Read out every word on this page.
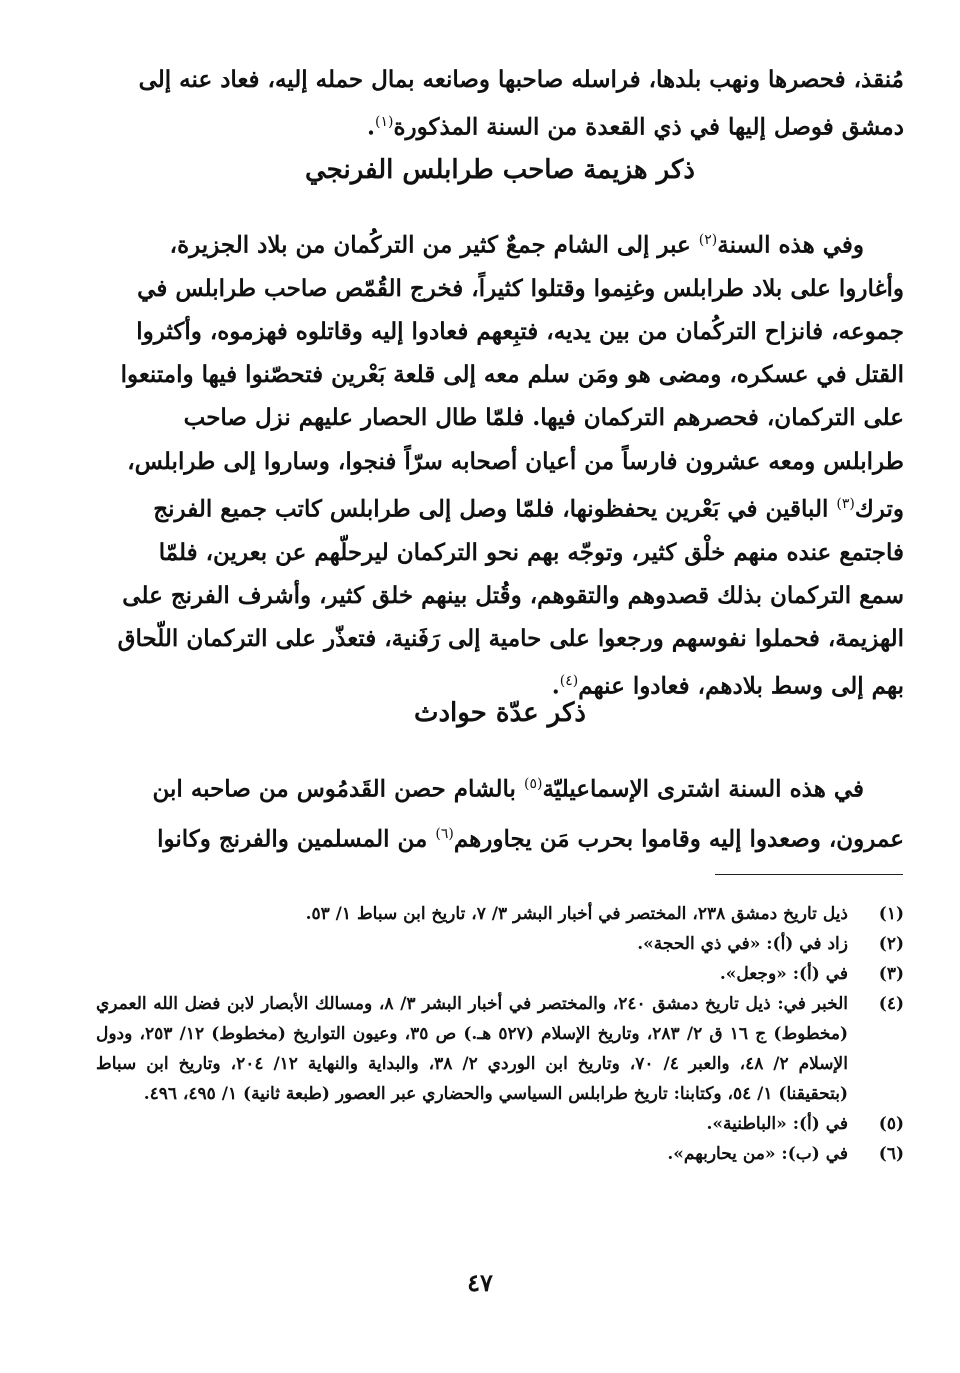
مُنقذ، فحصرها ونهب بلدها، فراسله صاحبها وصانعه بمال حمله إليه، فعاد عنه إلى
دمشق فوصل إليها في ذي القعدة من السنة المذكورة$^{(١)}$.

ذكر هزيمة صاحب طرابلس الفرنجي

وفي هذه السنة$^{(٢)}$ عبر إلى الشام جمعٌ كثير من التركُمان من بلاد الجزيرة،
وأغاروا على بلاد طرابلس وغنِموا وقتلوا كثيراً، فخرج القُمّص صاحب طرابلس في
جموعه، فانزاح التركُمان من بين يديه، فتبِعهم فعادوا إليه وقاتلوه فهزموه، وأكثروا
القتل في عسكره، ومضى هو ومَن سلم معه إلى قلعة بَعْرين فتحصّنوا فيها وامتنعوا
على التركمان، فحصرهم التركمان فيها. فلمّا طال الحصار عليهم نزل صاحب
طرابلس ومعه عشرون فارساً من أعيان أصحابه سرّاً فنجوا، وساروا إلى طرابلس،
وترك$^{(٣)}$ الباقين في بَعْرين يحفظونها، فلمّا وصل إلى طرابلس كاتب جميع الفرنج
فاجتمع عنده منهم خلْق كثير، وتوجّه بهم نحو التركمان ليرحلّهم عن بعرين، فلمّا
سمع التركمان بذلك قصدوهم والتقوهم، وقُتل بينهم خلق كثير، وأشرف الفرنج على
الهزيمة، فحملوا نفوسهم ورجعوا على حامية إلى رَفَنية، فتعذّر على التركمان اللّحاق
بهم إلى وسط بلادهم، فعادوا عنهم$^{(٤)}$.

ذكر عدّة حوادث

في هذه السنة اشترى الإسماعيليّة$^{(٥)}$ بالشام حصن القَدمُوس من صاحبه ابن
عمرون، وصعدوا إليه وقاموا بحرب مَن يجاورهم$^{(٦)}$ من المسلمين والفرنج وكانوا

(١)
ذيل تاريخ دمشق ٢٣٨، المختصر في أخبار البشر ٣/ ٧، تاريخ ابن سباط ١/ ٥٣.
(٢)
زاد في (أ): «في ذي الحجة».
(٣)
في (أ): «وجعل».
(٤)
الخبر في: ذيل تاريخ دمشق ٢٤٠، والمختصر في أخبار البشر ٣/ ٨، ومسالك الأبصار لابن فضل الله العمري (مخطوط) ج ١٦ ق ٢/ ٢٨٣، وتاريخ الإسلام (٥٢٧ هـ.) ص ٣٥، وعيون التواريخ (مخطوط) ١٢/ ٢٥٣، ودول الإسلام ٢/ ٤٨، والعبر ٤/ ٧٠، وتاريخ ابن الوردي ٢/ ٣٨، والبداية والنهاية ١٢/ ٢٠٤، وتاريخ ابن سباط (بتحقيقنا) ١/ ٥٤، وكتابنا: تاريخ طرابلس السياسي والحضاري عبر العصور (طبعة ثانية) ١/ ٤٩٥، ٤٩٦.
(٥)
في (أ): «الباطنية».
(٦)
في (ب): «من يحاربهم».
٤٧
